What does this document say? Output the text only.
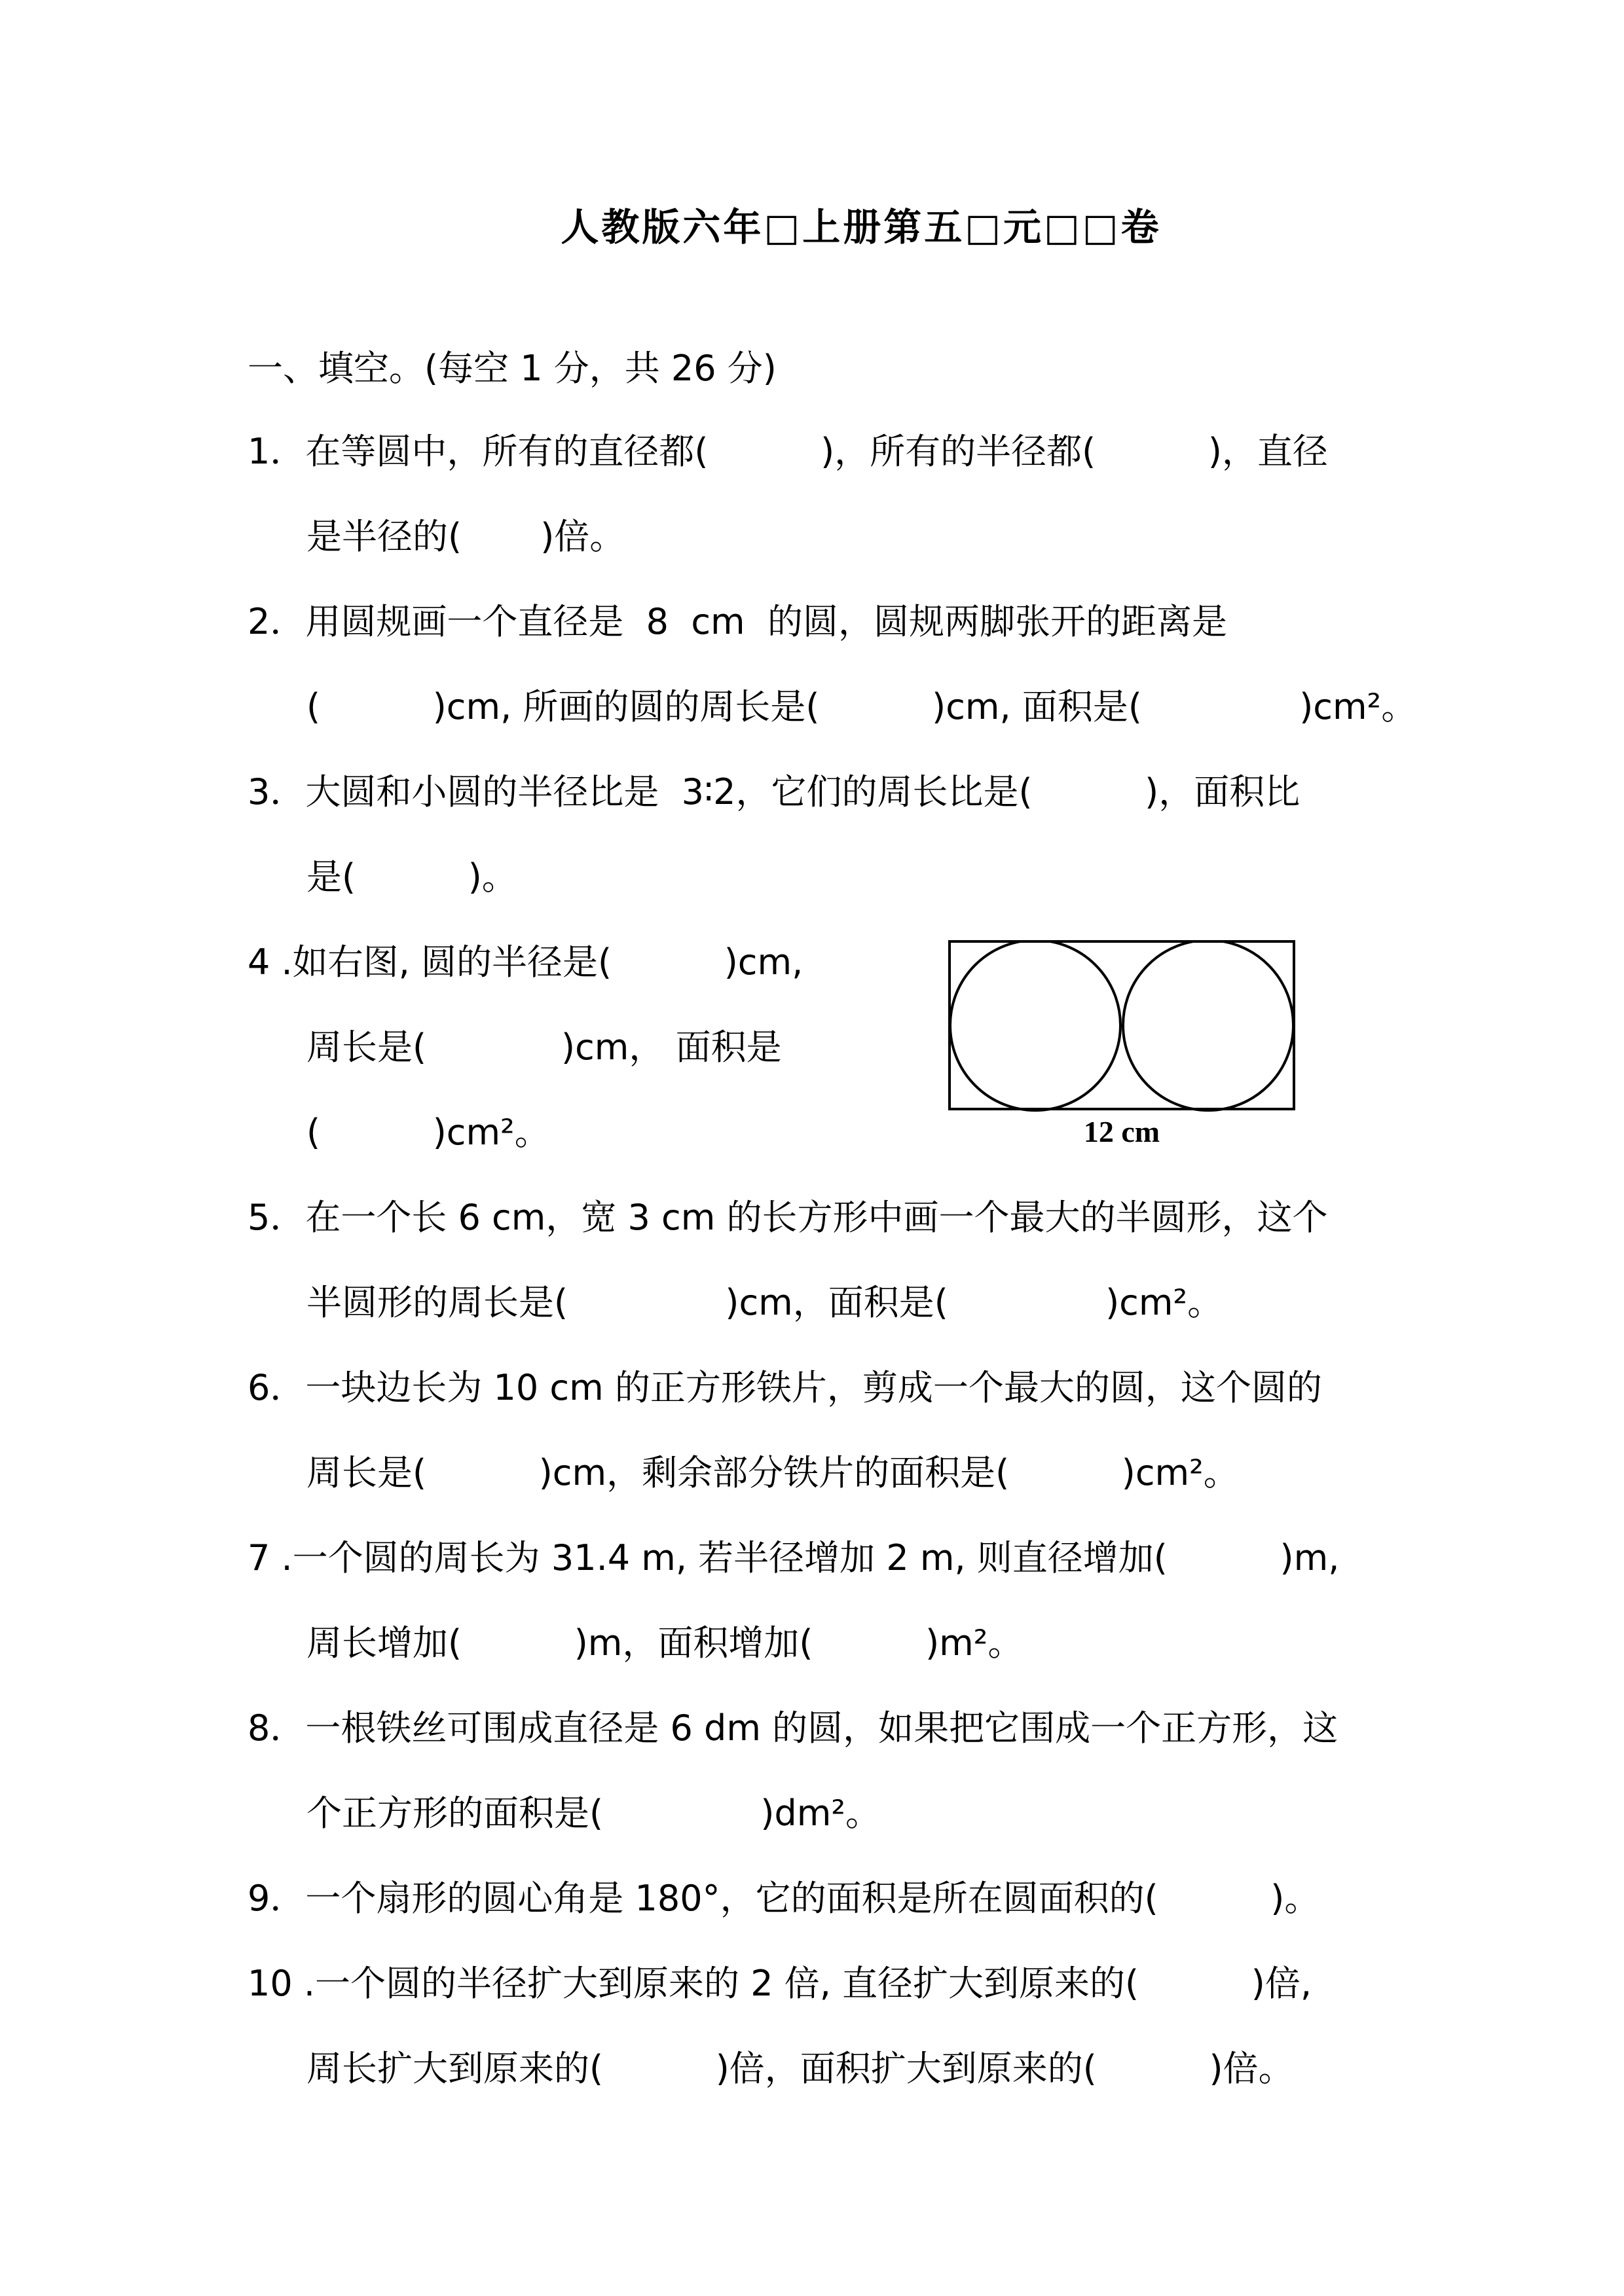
人教版六年□上册第五□元□□卷
一、填空。(每空 1 分，共 26 分)
1．在等圆中，所有的直径都(          )，所有的半径都(          )，直径
是半径的(       )倍。
2．用圆规画一个直径是  8  cm  的圆，圆规两脚张开的距离是
(          )cm, 所画的圆的周长是(          )cm, 面积是(              )cm²。
3．大圆和小圆的半径比是  3∶2，它们的周长比是(          )，面积比
是(          )。
4 .如右图, 圆的半径是(          )cm,
周长是(            )cm， 面积是
(          )cm²。	12 cm
5．在一个长 6 cm，宽 3 cm 的长方形中画一个最大的半圆形，这个
半圆形的周长是(              )cm，面积是(              )cm²。
6．一块边长为 10 cm 的正方形铁片，剪成一个最大的圆，这个圆的
周长是(          )cm，剩余部分铁片的面积是(          )cm²。
7 .一个圆的周长为 31.4 m, 若半径增加 2 m, 则直径增加(          )m,
周长增加(          )m，面积增加(          )m²。
8．一根铁丝可围成直径是 6 dm 的圆，如果把它围成一个正方形，这
个正方形的面积是(              )dm²。
9．一个扇形的圆心角是 180°，它的面积是所在圆面积的(          )。
10 .一个圆的半径扩大到原来的 2 倍, 直径扩大到原来的(          )倍,
周长扩大到原来的(          )倍，面积扩大到原来的(          )倍。
